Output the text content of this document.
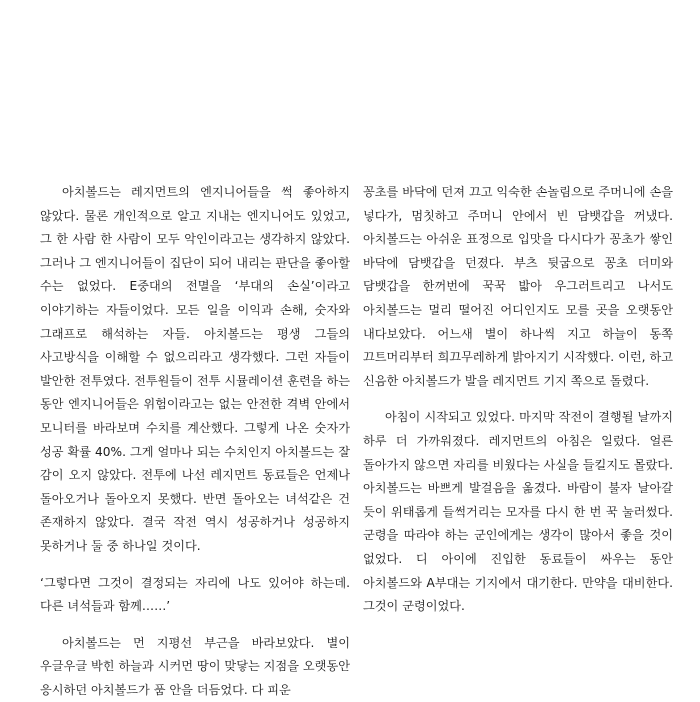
아치볼드는 레지먼트의 엔지니어들을 썩 좋아하지 않았다. 물론 개인적으로 알고 지내는 엔지니어도 있었고, 그 한 사람 한 사람이 모두 악인이라고는 생각하지 않았다. 그러나 그 엔지니어들이 집단이 되어 내리는 판단을 좋아할 수는 없었다. E중대의 전멸을 ‘부대의 손실’이라고 이야기하는 자들이었다. 모든 일을 이익과 손해, 숫자와 그래프로 해석하는 자들. 아치볼드는 평생 그들의 사고방식을 이해할 수 없으리라고 생각했다. 그런 자들이 발안한 전투였다. 전투원들이 전투 시뮬레이션 훈련을 하는 동안 엔지니어들은 위험이라고는 없는 안전한 격벽 안에서 모니터를 바라보며 수치를 계산했다. 그렇게 나온 숫자가 성공 확률 40%. 그게 얼마나 되는 수치인지 아치볼드는 잘 감이 오지 않았다. 전투에 나선 레지먼트 동료들은 언제나 돌아오거나 돌아오지 못했다. 반면 돌아오는 녀석같은 건 존재하지 않았다. 결국 작전 역시 성공하거나 성공하지 못하거나 둘 중 하나일 것이다.

‘그렇다면 그것이 결정되는 자리에 나도 있어야 하는데. 다른 녀석들과 함께……’

아치볼드는 먼 지평선 부근을 바라보았다. 별이 우글우글 박힌 하늘과 시커먼 땅이 맞닿는 지점을 오랫동안 응시하던 아치볼드가 품 안을 더듬었다. 다 피운

꽁초를 바닥에 던져 끄고 익숙한 손놀림으로 주머니에 손을 넣다가, 멈칫하고 주머니 안에서 빈 담뱃갑을 꺼냈다. 아치볼드는 아쉬운 표정으로 입맛을 다시다가 꽁초가 쌓인 바닥에 담뱃갑을 던졌다. 부츠 뒷굽으로 꽁초 더미와 담뱃갑을 한꺼번에 꾹꾹 밟아 우그러트리고 나서도 아치볼드는 멀리 떨어진 어디인지도 모를 곳을 오랫동안 내다보았다. 어느새 별이 하나씩 지고 하늘이 동쪽 끄트머리부터 희끄무레하게 밝아지기 시작했다. 이런, 하고 신음한 아치볼드가 발을 레지먼트 기지 쪽으로 돌렸다.

아침이 시작되고 있었다. 마지막 작전이 결행될 날까지 하루 더 가까워졌다. 레지먼트의 아침은 일렀다. 얼른 돌아가지 않으면 자리를 비웠다는 사실을 들킬지도 몰랐다. 아치볼드는 바쁘게 발걸음을 옮겼다. 바람이 불자 날아갈 듯이 위태롭게 들썩거리는 모자를 다시 한 번 꾹 눌러썼다. 군령을 따라야 하는 군인에게는 생각이 많아서 좋을 것이 없었다. 디 아이에 진입한 동료들이 싸우는 동안 아치볼드와 A부대는 기지에서 대기한다. 만약을 대비한다. 그것이 군령이었다.
